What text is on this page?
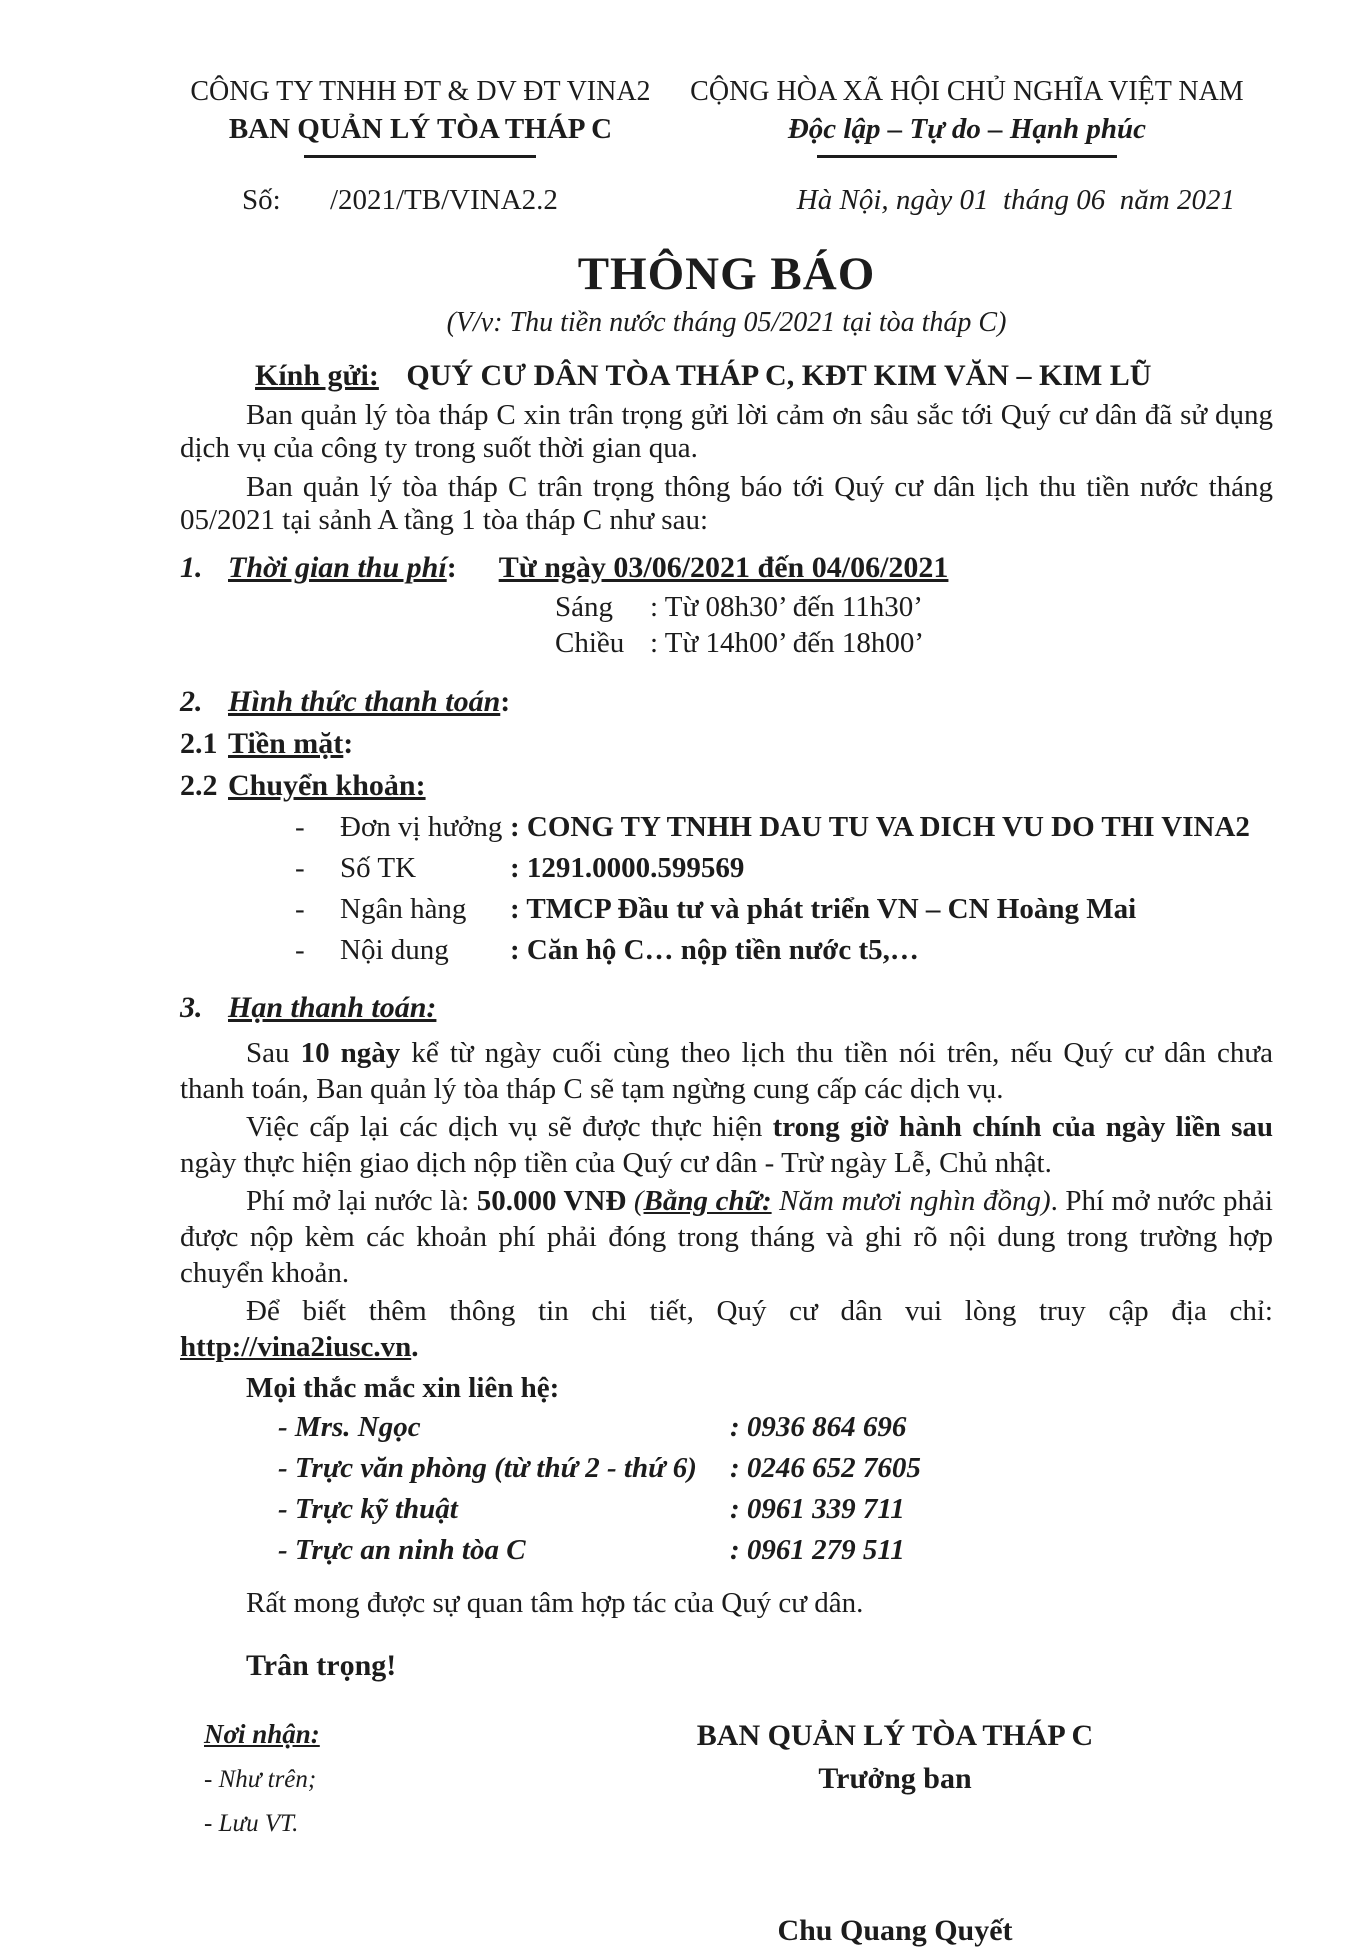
CÔNG TY TNHH ĐT & DV ĐT VINA2
BAN QUẢN LÝ TÒA THÁP C
CỘNG HÒA XÃ HỘI CHỦ NGHĨA VIỆT NAM
Độc lập – Tự do – Hạnh phúc
Số: /2021/TB/VINA2.2	Hà Nội, ngày 01  tháng 06  năm 2021
THÔNG BÁO
(V/v: Thu tiền nước tháng 05/2021 tại tòa tháp C)
Kính gửi: QUÝ CƯ DÂN TÒA THÁP C, KĐT KIM VĂN – KIM LŨ

Ban quản lý tòa tháp C xin trân trọng gửi lời cảm ơn sâu sắc tới Quý cư dân đã sử dụng dịch vụ của công ty trong suốt thời gian qua.

Ban quản lý tòa tháp C trân trọng thông báo tới Quý cư dân lịch thu tiền nước tháng 05/2021 tại sảnh A tầng 1 tòa tháp C như sau:

1. Thời gian thu phí : Từ ngày 03/06/2021 đến 04/06/2021
Sáng	: Từ 08h30’ đến 11h30’
Chiều : Từ 14h00’ đến 18h00’
2. Hình thức thanh toán :
2.1 Tiền mặt :
2.2 Chuyển khoản:
-	Đơn vị hưởng : CONG TY TNHH DAU TU VA DICH VU DO THI VINA2
-	Số TK	: 1291.0000.599569
-	Ngân hàng	: TMCP Đầu tư và phát triển VN – CN Hoàng Mai
-	Nội dung	: Căn hộ C… nộp tiền nước t5,…
3. Hạn thanh toán:

Sau 10 ngày kể từ ngày cuối cùng theo lịch thu tiền nói trên, nếu Quý cư dân chưa thanh toán, Ban quản lý tòa tháp C sẽ tạm ngừng cung cấp các dịch vụ.

Việc cấp lại các dịch vụ sẽ được thực hiện trong giờ hành chính của ngày liền sau ngày thực hiện giao dịch nộp tiền của Quý cư dân - Trừ ngày Lễ, Chủ nhật.

Phí mở lại nước là: 50.000 VNĐ (Bằng chữ: Năm mươi nghìn đồng). Phí mở nước phải được nộp kèm các khoản phí phải đóng trong tháng và ghi rõ nội dung trong trường hợp chuyển khoản.

Để biết thêm thông tin chi tiết, Quý cư dân vui lòng truy cập địa chỉ: http://vina2iusc.vn.

Mọi thắc mắc xin liên hệ:
- Mrs. Ngọc	: 0936 864 696
- Trực văn phòng (từ thứ 2 - thứ 6)	: 0246 652 7605
- Trực kỹ thuật	: 0961 339 711
- Trực an ninh tòa C	: 0961 279 511

Rất mong được sự quan tâm hợp tác của Quý cư dân.

Trân trọng!

Nơi nhận:
- Như trên;
- Lưu VT.
BAN QUẢN LÝ TÒA THÁP C
Trưởng ban
Chu Quang Quyết
